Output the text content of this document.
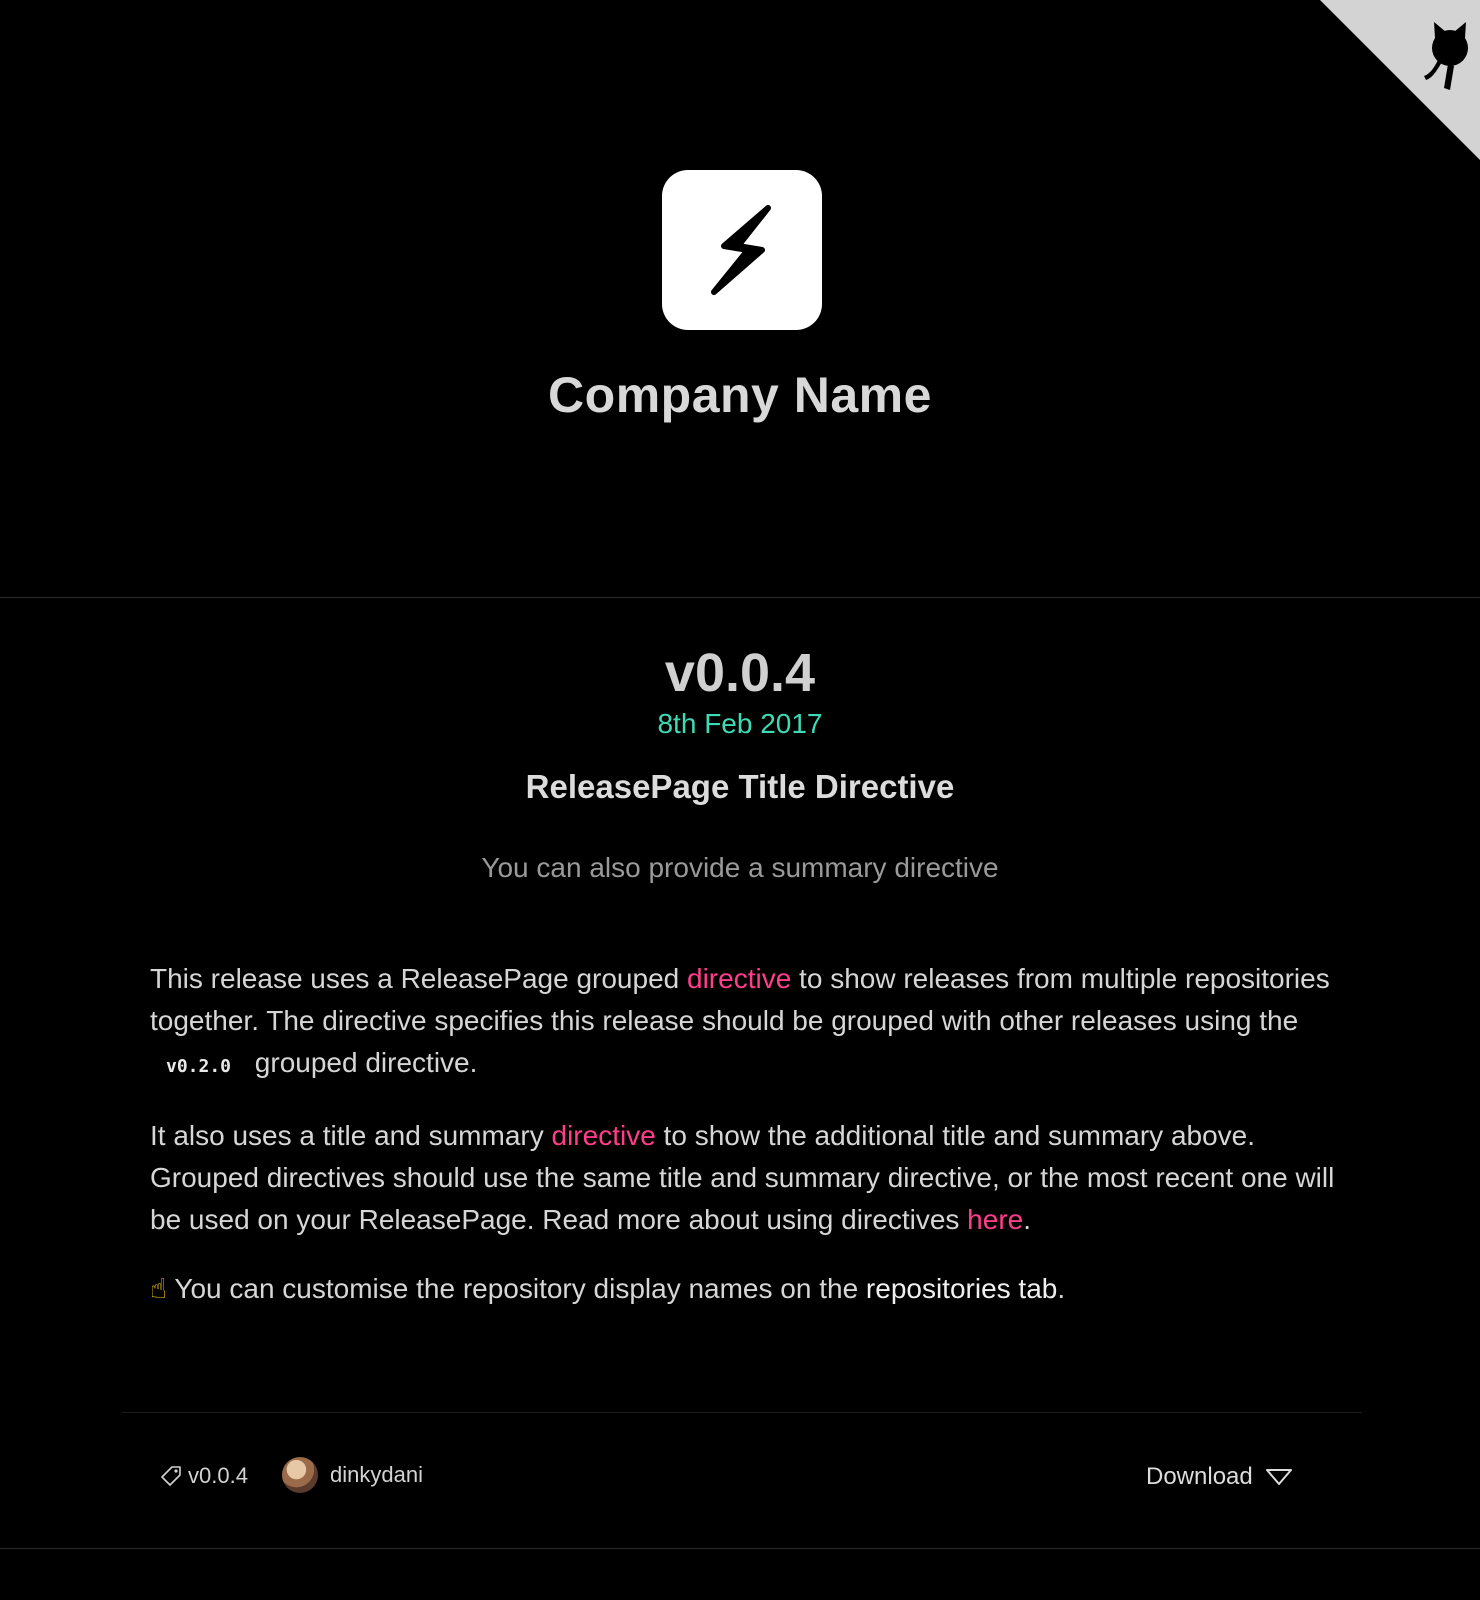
Company Name
v0.0.4
8th Feb 2017
ReleasePage Title Directive
You can also provide a summary directive

This release uses a ReleasePage grouped directive to show releases from multiple repositories together. The directive specifies this release should be grouped with other releases using the v0.2.0 grouped directive.

It also uses a title and summary directive to show the additional title and summary above. Grouped directives should use the same title and summary directive, or the most recent one will be used on your ReleasePage. Read more about using directives here.

☝ You can customise the repository display names on the repositories tab.

v0.0.4	dinkydani	Download
